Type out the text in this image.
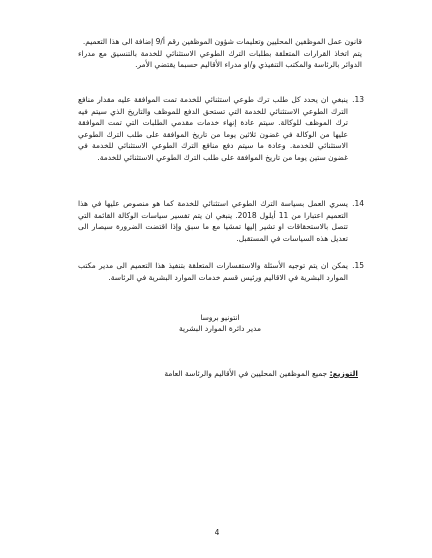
قانون عمل الموظفين المحليين وتعليمات شؤون الموظفين رقم أ/9 إضافة الى هذا التعميم.
يتم اتخاذ القرارات المتعلقة بطلبات الترك الطوعي الاستثنائي للخدمة بالتنسيق مع مدراء الدوائر بالرئاسة والمكتب التنفيذي و/او مدراء الأقاليم حسبما يقتضي الأمر.
.13
ينبغي ان يحدد كل طلب ترك طوعي استثنائي للخدمة تمت الموافقة عليه مقدار منافع الترك الطوعي الاستثنائي للخدمة التي تستحق الدفع للموظف والتاريخ الذي سيتم فيه ترك الموظف للوكالة. سيتم عادة إنهاء خدمات مقدمي الطلبات التي تمت الموافقة عليها من الوكالة في غضون ثلاثين يوما من تاريخ الموافقة على طلب الترك الطوعي الاستثنائي للخدمة. وعادة ما سيتم دفع منافع الترك الطوعي الاستثنائي للخدمة في غضون ستين يوما من تاريخ الموافقة على طلب الترك الطوعي الاستثنائي للخدمة.
.14
يسري العمل بسياسة الترك الطوعي استثنائي للخدمة كما هو منصوص عليها في هذا التعميم اعتبارا من 11 أيلول 2018. ينبغي ان يتم تفسير سياسات الوكالة القائمة التي تتصل بالاستحقاقات او تشير إليها تمشيا مع ما سبق وإذا اقتضت الضرورة سيصار الى تعديل هذه السياسات في المستقبل.
.15
يمكن ان يتم توجيه الأسئلة والاستفسارات المتعلقة بتنفيذ هذا التعميم الى مدير مكتب الموارد البشرية في الاقاليم ورئيس قسم خدمات الموارد البشرية في الرئاسة.
انتونيو بروسا
مدير دائرة الموارد البشرية
التوزيع: جميع الموظفين المحليين في الأقاليم والرئاسة العامة
4
